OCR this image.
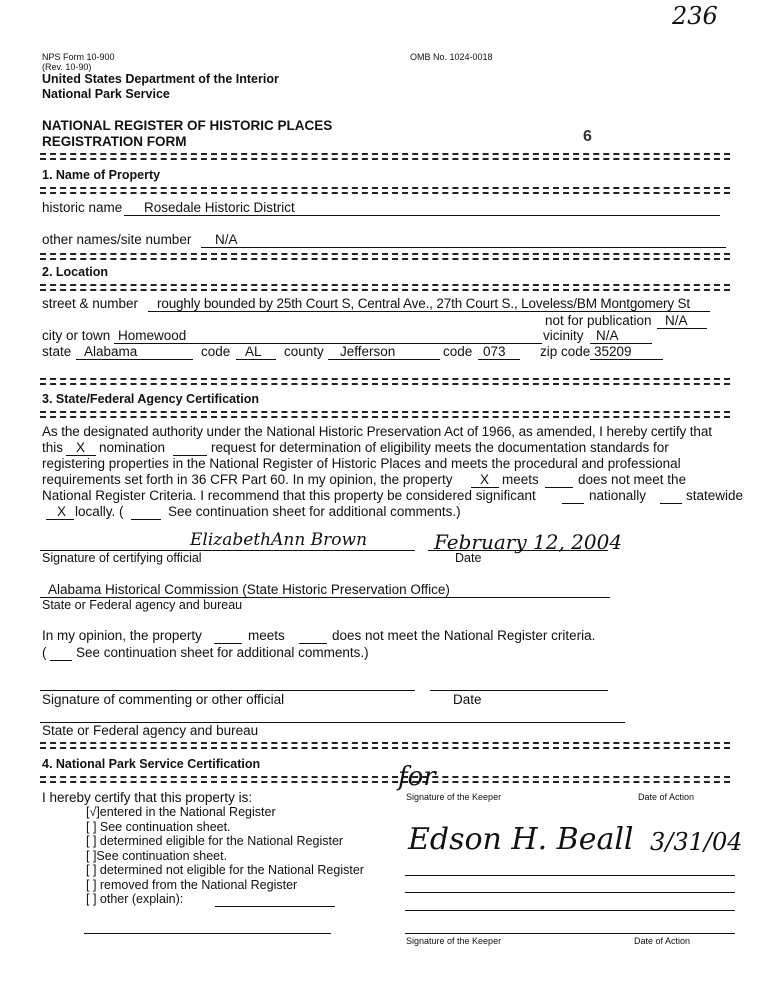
236
NPS Form 10-900
(Rev. 10-90)
OMB No. 1024-0018
United States Department of the Interior
National Park Service
NATIONAL REGISTER OF HISTORIC PLACES
REGISTRATION FORM	6
1. Name of Property
historic name Rosedale Historic District
other names/site number N/A
2. Location
street & number roughly bounded by 25th Court S, Central Ave., 27th Court S., Loveless/BM Montgomery St
not for publication N/A
city or town Homewood	vicinity N/A
state Alabama	code AL county Jefferson	code 073	zip code 35209
3. State/Federal Agency Certification
As the designated authority under the National Historic Preservation Act of 1966, as amended, I hereby certify that
this X nomination	request for determination of eligibility meets the documentation standards for
registering properties in the National Register of Historic Places and meets the procedural and professional
requirements set forth in 36 CFR Part 60. In my opinion, the property X meets	does not meet the
National Register Criteria. I recommend that this property be considered significant	nationally	statewide
X locally. (	See continuation sheet for additional comments.)
ElizabethAnn Brown	February 12, 2004
Signature of certifying official	Date
Alabama Historical Commission (State Historic Preservation Office)
State or Federal agency and bureau
In my opinion, the property	meets	does not meet the National Register criteria.
( See continuation sheet for additional comments.)
Signature of commenting or other official	Date
State or Federal agency and bureau
4. National Park Service Certification	for
I hereby certify that this property is:
[√]entered in the National Register
[ ] See continuation sheet.
[ ] determined eligible for the National Register
[ ]See continuation sheet.
[ ] determined not eligible for the National Register
[ ] removed from the National Register
[ ] other (explain):
Signature of the Keeper	Date of Action
Edson H. Beall 3/31/04
Signature of the Keeper	Date of Action
